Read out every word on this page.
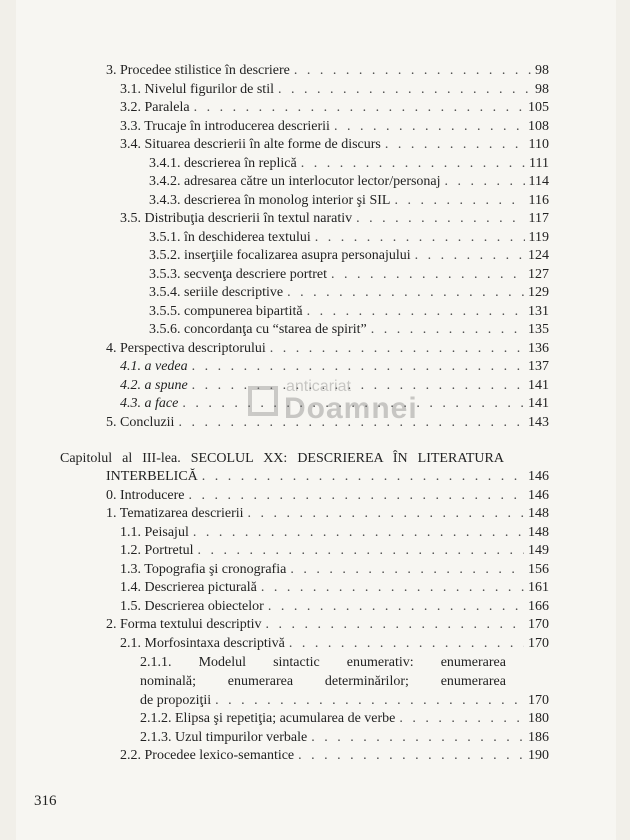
3. Procedee stilistice în descriere . . .	98
3.1. Nivelul figurilor de stil . . .	98
3.2. Paralela . . .	105
3.3. Trucaje în introducerea descrierii . . .	108
3.4. Situarea descrierii în alte forme de discurs . . .	110
3.4.1. descrierea în replică . . .	111
3.4.2. adresarea către un interlocutor lector/personaj . . .	114
3.4.3. descrierea în monolog interior şi SIL . . .	116
3.5. Distribuţia descrierii în textul narativ . . .	117
3.5.1. în deschiderea textului . . .	119
3.5.2. inserţiile focalizarea asupra personajului . . .	124
3.5.3. secvenţa descriere portret . . .	127
3.5.4. seriile descriptive . . .	129
3.5.5. compunerea bipartită . . .	131
3.5.6. concordanţa cu “starea de spirit” . . .	135
4. Perspectiva descriptorului . . .	136
4.1. a vedea . . .	137
4.2. a spune . . .	141
4.3. a face . . .	141
5. Concluzii . . .	143
Capitolul al III-lea. SECOLUL XX: DESCRIEREA ÎN LITERATURA
INTERBELICĂ . . .	146
0. Introducere . . .	146
1. Tematizarea descrierii . . .	148
1.1. Peisajul . . .	148
1.2. Portretul . . .	149
1.3. Topografia şi cronografia . . .	156
1.4. Descrierea picturală . . .	161
1.5. Descrierea obiectelor . . .	166
2. Forma textului descriptiv . . .	170
2.1. Morfosintaxa descriptivă . . .	170
2.1.1. Modelul sintactic enumerativ: enumerarea
nominală; enumerarea determinărilor; enumerarea
de propoziţii . . .	170
2.1.2. Elipsa şi repetiţia; acumularea de verbe . . .	180
2.1.3. Uzul timpurilor verbale . . .	186
2.2. Procedee lexico-semantice . . .	190
316
anticariat
Doamnei
